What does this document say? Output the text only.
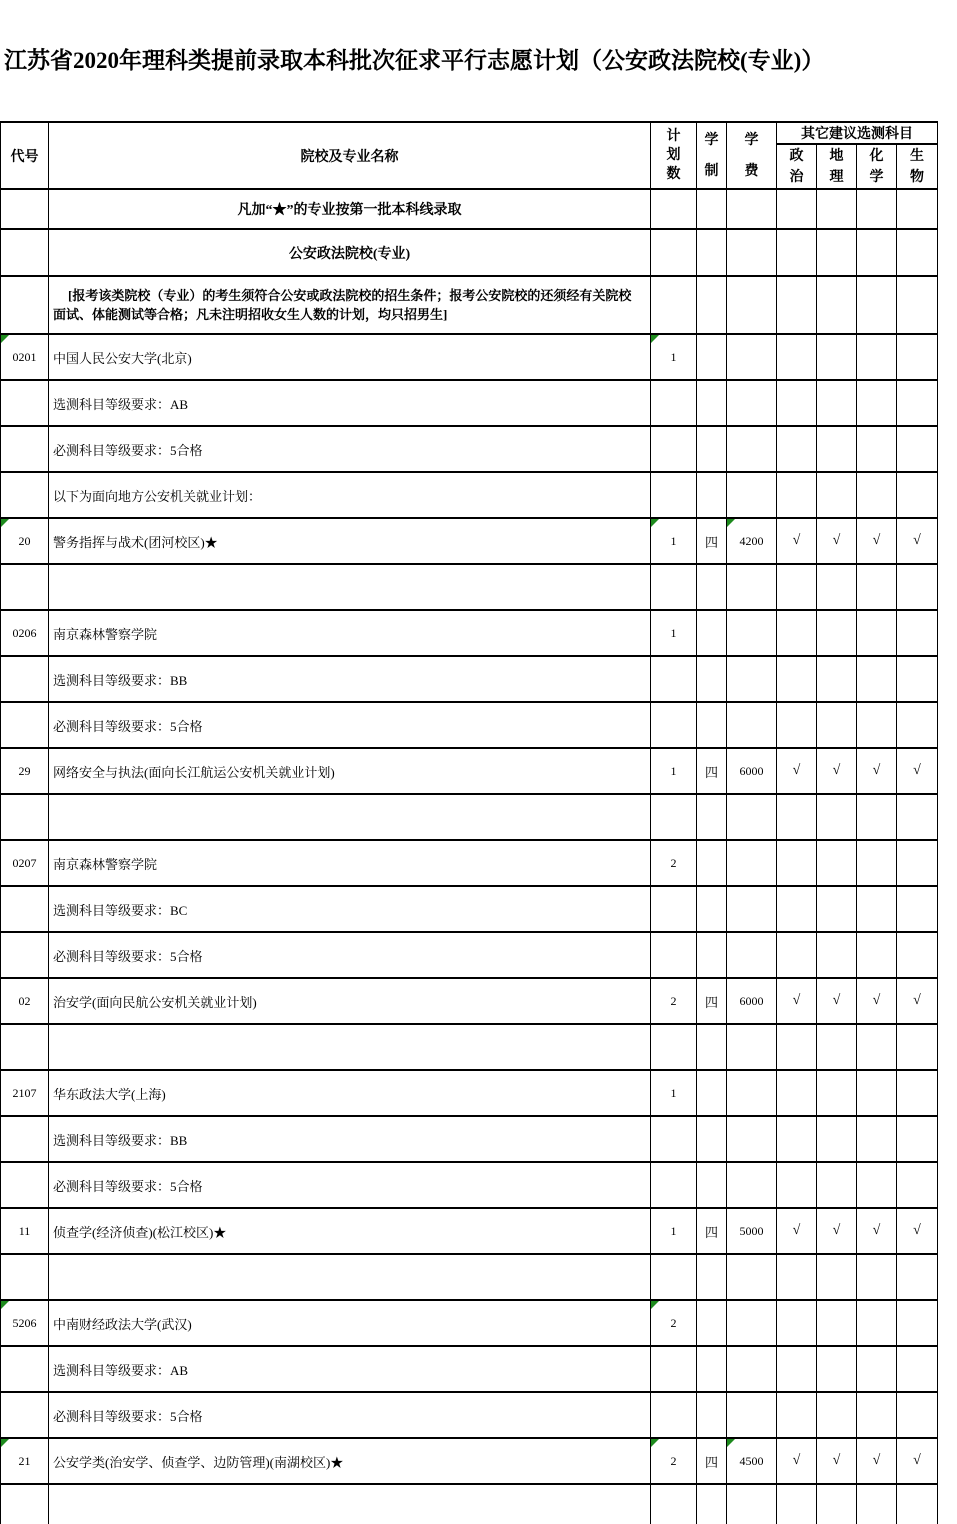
江苏省2020年理科类提前录取本科批次征求平行志愿计划（公安政法院校(专业)）
代号	院校及专业名称	计划数	学制	学费	其它建议选测科目			
					政治	地理	化学	生物
	凡加“★”的专业按第一批本科线录取							
	公安政法院校(专业)							
	[报考该类院校（专业）的考生须符合公安或政法院校的招生条件；报考公安院校的还须经有关院校面试、体能测试等合格；凡未注明招收女生人数的计划，均只招男生]							

0201	中国人民公安大学(北京)	1						
	选测科目等级要求：AB							
	必测科目等级要求：5合格							
	以下为面向地方公安机关就业计划：							

20	警务指挥与战术(团河校区)★	1	四	4200	√	√	√	√

0206	南京森林警察学院	1						
	选测科目等级要求：BB							
	必测科目等级要求：5合格							
29	网络安全与执法(面向长江航运公安机关就业计划)	1	四	6000	√	√	√	√

0207	南京森林警察学院	2						
	选测科目等级要求：BC							
	必测科目等级要求：5合格							
02	治安学(面向民航公安机关就业计划)	2	四	6000	√	√	√	√

2107	华东政法大学(上海)	1						
	选测科目等级要求：BB							
	必测科目等级要求：5合格							
11	侦查学(经济侦查)(松江校区)★	1	四	5000	√	√	√	√

5206	中南财经政法大学(武汉)	2						
	选测科目等级要求：AB							
	必测科目等级要求：5合格							

21	公安学类(治安学、侦查学、边防管理)(南湖校区)★	2	四	4500	√	√	√	√
